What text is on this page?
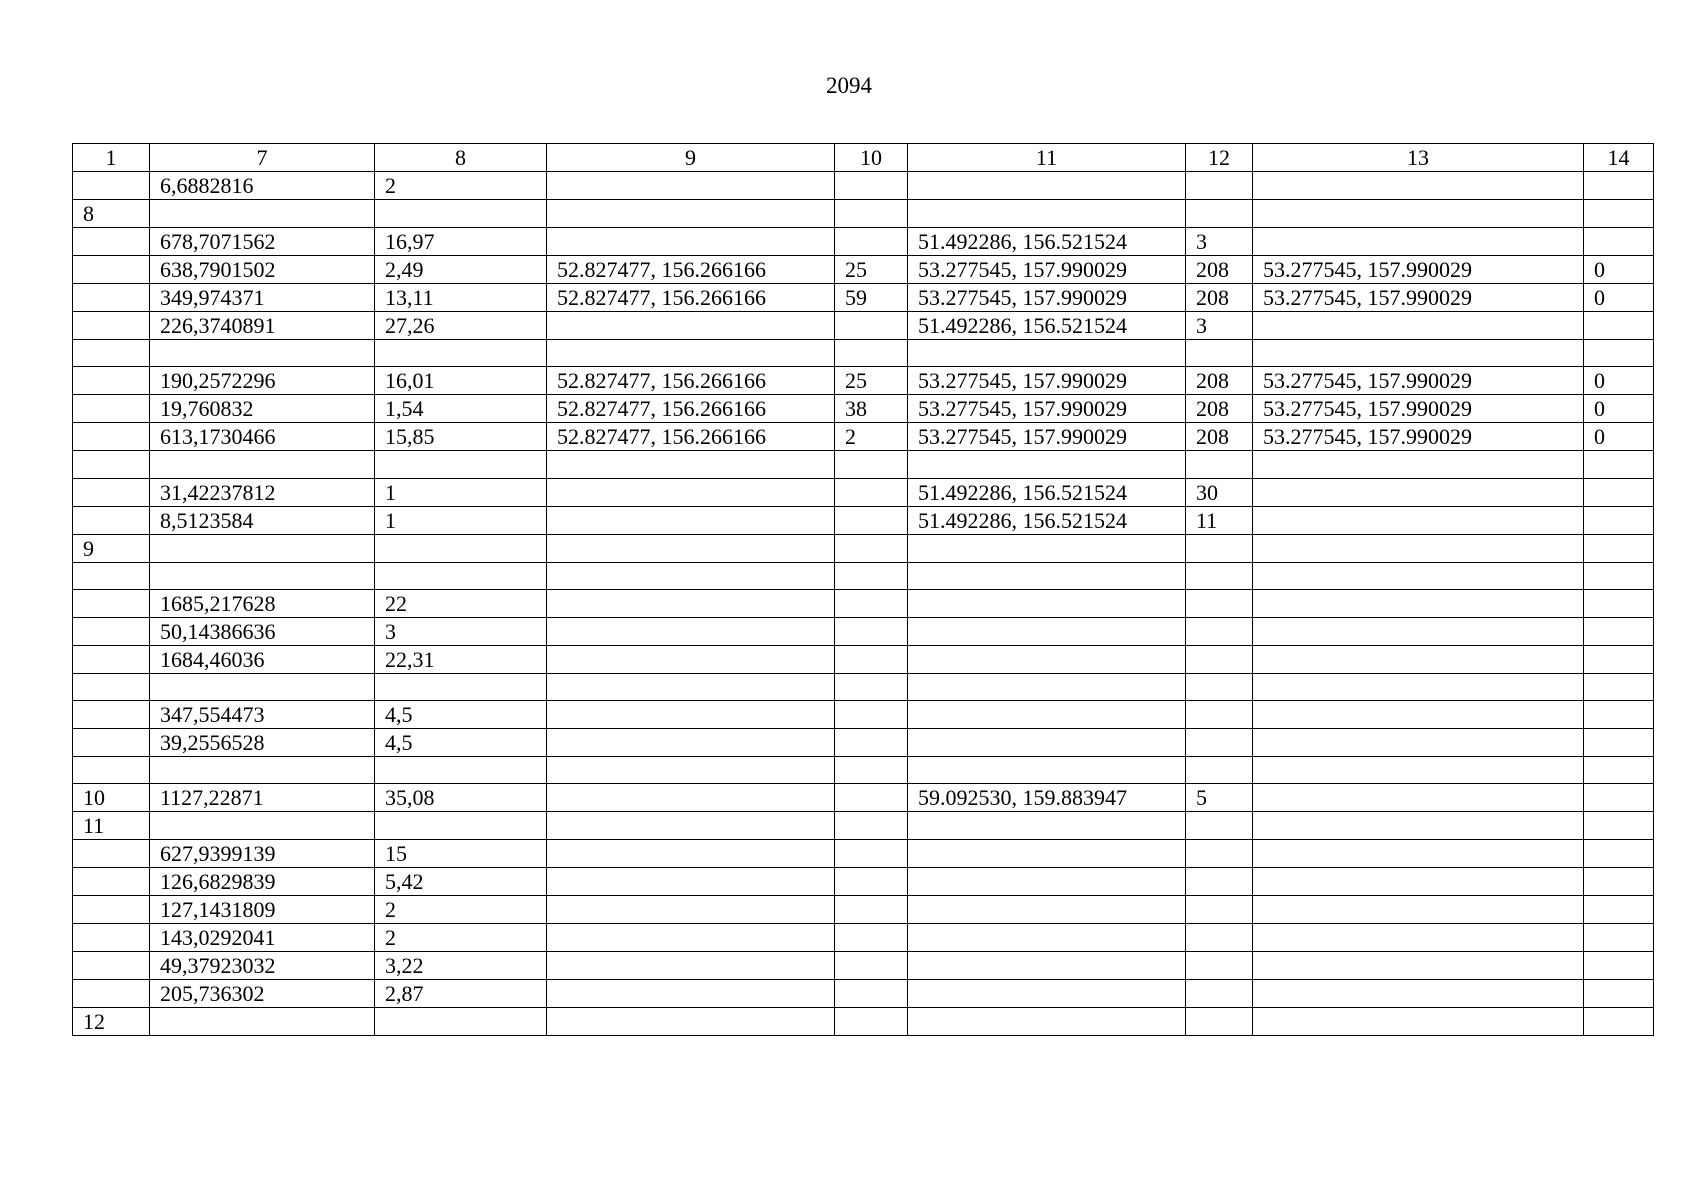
2094
1	7	8	9	10	11	12	13	14
	6,6882816	2						
8								
	678,7071562	16,97			51.492286, 156.521524	3		
	638,7901502	2,49	52.827477, 156.266166	25	53.277545, 157.990029	208	53.277545, 157.990029	0
	349,974371	13,11	52.827477, 156.266166	59	53.277545, 157.990029	208	53.277545, 157.990029	0
	226,3740891	27,26			51.492286, 156.521524	3		

	190,2572296	16,01	52.827477, 156.266166	25	53.277545, 157.990029	208	53.277545, 157.990029	0
	19,760832	1,54	52.827477, 156.266166	38	53.277545, 157.990029	208	53.277545, 157.990029	0
	613,1730466	15,85	52.827477, 156.266166	2	53.277545, 157.990029	208	53.277545, 157.990029	0

	31,42237812	1			51.492286, 156.521524	30		
	8,5123584	1			51.492286, 156.521524	11		
9								

	1685,217628	22						
	50,14386636	3						
	1684,46036	22,31						

	347,554473	4,5						
	39,2556528	4,5						

10	1127,22871	35,08			59.092530, 159.883947	5		
11								
	627,9399139	15						
	126,6829839	5,42						
	127,1431809	2						
	143,0292041	2						
	49,37923032	3,22						
	205,736302	2,87						
12								
